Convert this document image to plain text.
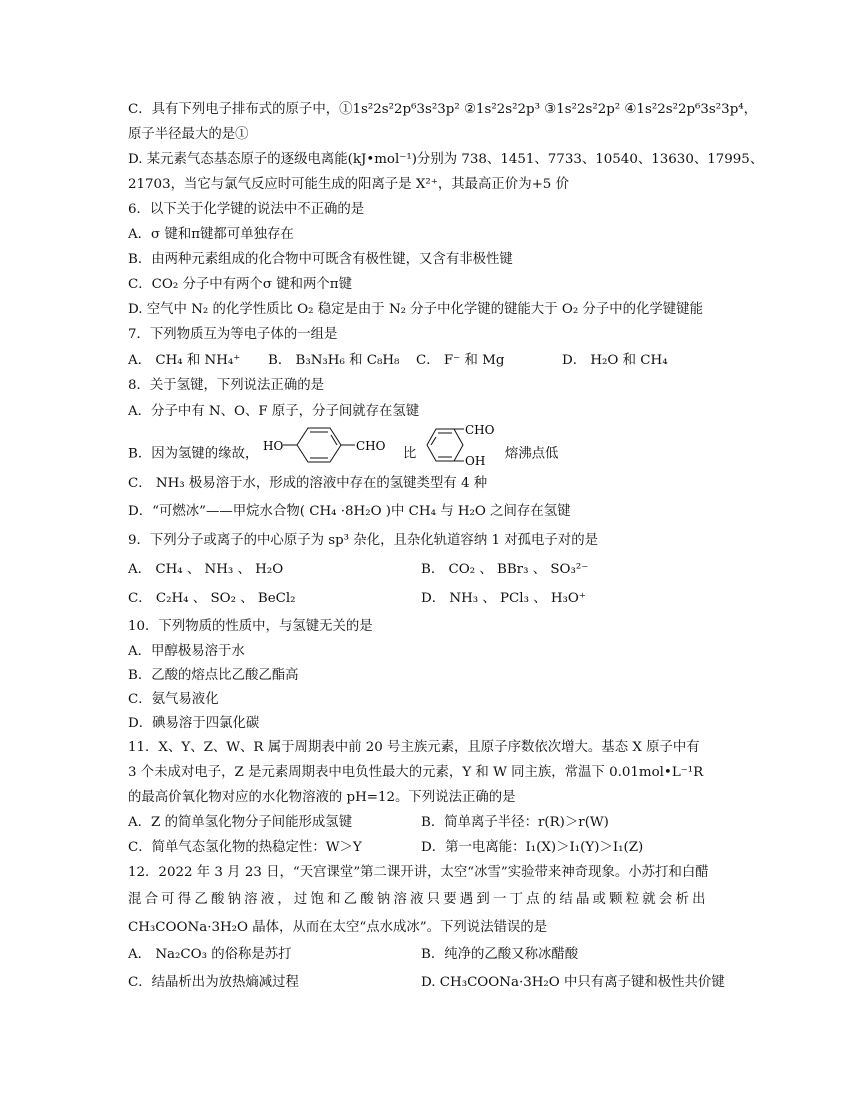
C．具有下列电子排布式的原子中，①1s²2s²2p⁶3s²3p² ②1s²2s²2p³ ③1s²2s²2p² ④1s²2s²2p⁶3s²3p⁴，
原子半径最大的是①
D. 某元素气态基态原子的逐级电离能(kJ•mol⁻¹)分别为 738、1451、7733、10540、13630、17995、
21703，当它与氯气反应时可能生成的阳离子是 X²⁺，其最高正价为+5 价
6．以下关于化学键的说法中不正确的是
A．σ 键和π键都可单独存在
B．由两种元素组成的化合物中可既含有极性键，又含有非极性键
C．CO₂ 分子中有两个σ 键和两个π键
D. 空气中 N₂ 的化学性质比 O₂ 稳定是由于 N₂ 分子中化学键的键能大于 O₂ 分子中的化学键键能
7．下列物质互为等电子体的一组是
A． CH₄ 和 NH₄⁺ B． B₃N₃H₆ 和 C₈H₈ C． F⁻ 和 Mg	D． H₂O 和 CH₄
8．关于氢键，下列说法正确的是
A．分子中有 N、O、F 原子，分子间就存在氢键
B．因为氢键的缘故，
HO	CHO
比
CHO
OH 熔沸点低
C． NH₃ 极易溶于水，形成的溶液中存在的氢键类型有 4 种
D．“可燃冰”——甲烷水合物( CH₄ ·8H₂O )中 CH₄ 与 H₂O 之间存在氢键
9．下列分子或离子的中心原子为 sp³ 杂化，且杂化轨道容纳 1 对孤电子对的是
A． CH₄ 、 NH₃ 、 H₂O	B． CO₂ 、 BBr₃ 、 SO₃²⁻
C． C₂H₄ 、 SO₂ 、 BeCl₂	D． NH₃ 、 PCl₃ 、 H₃O⁺
10．下列物质的性质中，与氢键无关的是
A．甲醇极易溶于水
B．乙酸的熔点比乙酸乙酯高
C．氨气易液化
D．碘易溶于四氯化碳
11．X、Y、Z、W、R 属于周期表中前 20 号主族元素，且原子序数依次增大。基态 X 原子中有
3 个未成对电子，Z 是元素周期表中电负性最大的元素，Y 和 W 同主族，常温下 0.01mol•L⁻¹R
的最高价氧化物对应的水化物溶液的 pH=12。下列说法正确的是
A．Z 的简单氢化物分子间能形成氢键	B．简单离子半径：r(R)＞r(W)
C．简单气态氢化物的热稳定性：W＞Y	D．第一电离能：I₁(X)＞I₁(Y)＞I₁(Z)
12．2022 年 3 月 23 日，“天宫课堂”第二课开讲，太空“冰雪”实验带来神奇现象。小苏打和白醋
混合可得乙酸钠溶液，过饱和乙酸钠溶液只要遇到一丁点的结晶或颗粒就会析出
CH₃COONa·3H₂O 晶体，从而在太空“点水成冰”。下列说法错误的是
A． Na₂CO₃ 的俗称是苏打	B．纯净的乙酸又称冰醋酸
C．结晶析出为放热熵减过程	D. CH₃COONa·3H₂O 中只有离子键和极性共价键
